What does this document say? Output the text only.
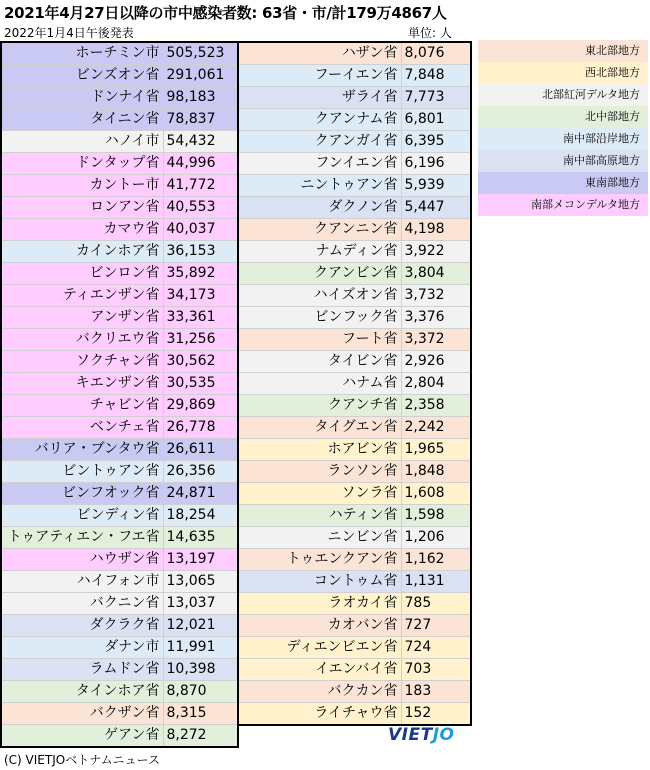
2021年4月27日以降の市中感染者数: 63省・市/計179万4867人
2022年1月4日午後発表	単位: 人
ホーチミン市	505,523
ビンズオン省	291,061
ドンナイ省	98,183
タイニン省	78,837
ハノイ市	54,432
ドンタップ省	44,996
カントー市	41,772
ロンアン省	40,553
カマウ省	40,037
カインホア省	36,153
ビンロン省	35,892
ティエンザン省	34,173
アンザン省	33,361
バクリエウ省	31,256
ソクチャン省	30,562
キエンザン省	30,535
チャビン省	29,869
ベンチェ省	26,778
バリア・ブンタウ省	26,611
ビントゥアン省	26,356
ビンフオック省	24,871
ビンディン省	18,254
トゥアティエン・フエ省	14,635
ハウザン省	13,197
ハイフォン市	13,065
バクニン省	13,037
ダクラク省	12,021
ダナン市	11,991
ラムドン省	10,398
タインホア省	8,870
バクザン省	8,315
ゲアン省	8,272
ハザン省	8,076
フーイエン省	7,848
ザライ省	7,773
クアンナム省	6,801
クアンガイ省	6,395
フンイエン省	6,196
ニントゥアン省	5,939
ダクノン省	5,447
クアンニン省	4,198
ナムディン省	3,922
クアンビン省	3,804
ハイズオン省	3,732
ビンフック省	3,376
フート省	3,372
タイビン省	2,926
ハナム省	2,804
クアンチ省	2,358
タイグエン省	2,242
ホアビン省	1,965
ランソン省	1,848
ソンラ省	1,608
ハティン省	1,598
ニンビン省	1,206
トゥエンクアン省	1,162
コントゥム省	1,131
ラオカイ省	785
カオバン省	727
ディエンビエン省	724
イエンバイ省	703
バクカン省	183
ライチャウ省	152
東北部地方
西北部地方
北部紅河デルタ地方
北中部地方
南中部沿岸地方
南中部高原地方
東南部地方
南部メコンデルタ地方
VIETJO
(C) VIETJOベトナムニュース
